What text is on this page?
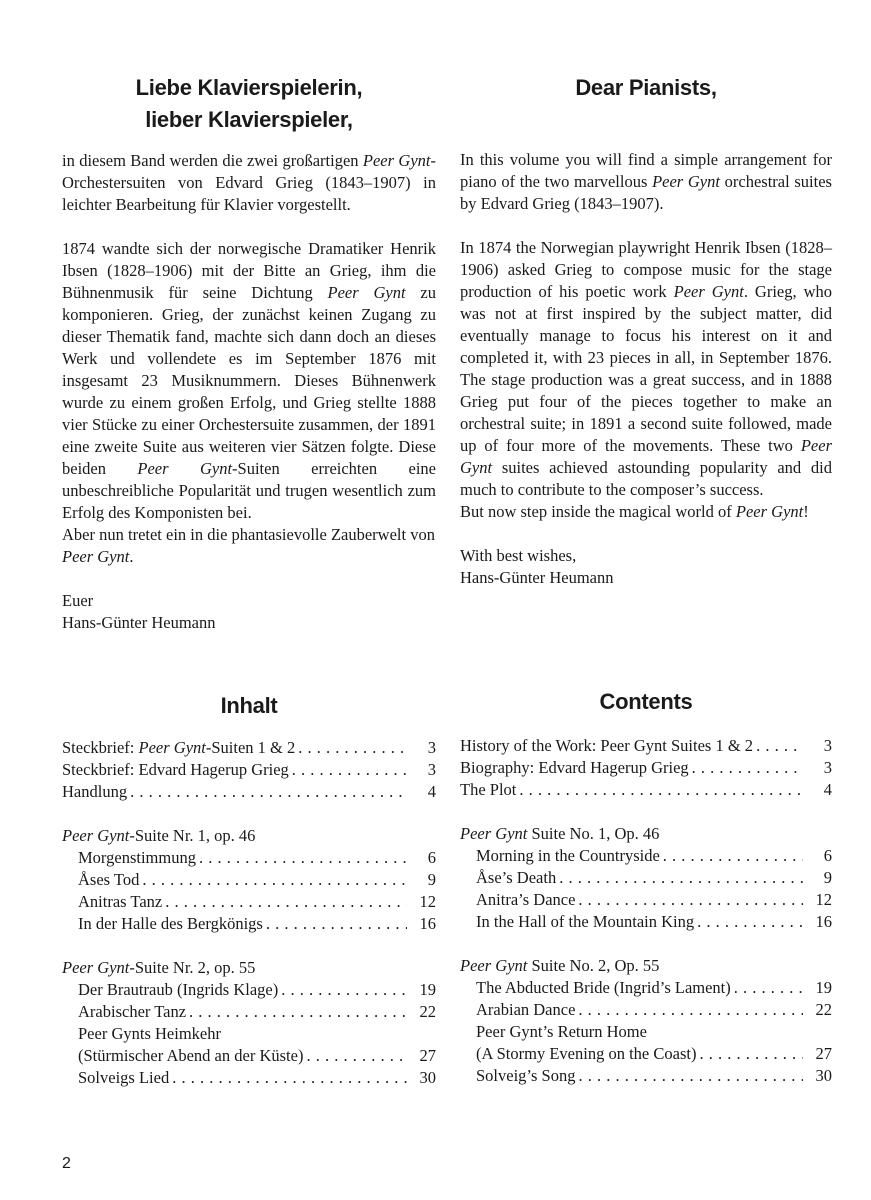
Liebe Klavierspielerin,
lieber Klavierspieler,
Dear Pianists,

in diesem Band werden die zwei großartigen Peer Gynt-Orchestersuiten von Edvard Grieg (1843–1907) in leichter Bearbeitung für Klavier vorgestellt.

1874 wandte sich der norwegische Dramatiker Henrik Ibsen (1828–1906) mit der Bitte an Grieg, ihm die Bühnenmusik für seine Dichtung Peer Gynt zu komponieren. Grieg, der zunächst keinen Zugang zu dieser Thematik fand, machte sich dann doch an dieses Werk und vollendete es im September 1876 mit insgesamt 23 Musiknummern. Dieses Bühnenwerk wurde zu einem großen Erfolg, und Grieg stellte 1888 vier Stücke zu einer Orchestersuite zusammen, der 1891 eine zweite Suite aus weiteren vier Sätzen folgte. Diese beiden Peer Gynt-Suiten erreichten eine unbeschreibliche Popularität und trugen wesentlich zum Erfolg des Komponisten bei.

Aber nun tretet ein in die phantasievolle Zauberwelt von Peer Gynt.

Euer
Hans-Günter Heumann

In this volume you will find a simple arrangement for piano of the two marvellous Peer Gynt orchestral suites by Edvard Grieg (1843–1907).

In 1874 the Norwegian playwright Henrik Ibsen (1828–1906) asked Grieg to compose music for the stage production of his poetic work Peer Gynt. Grieg, who was not at first inspired by the subject matter, did eventually manage to focus his interest on it and completed it, with 23 pieces in all, in September 1876. The stage production was a great success, and in 1888 Grieg put four of the pieces together to make an orchestral suite; in 1891 a second suite followed, made up of four more of the movements. These two Peer Gynt suites achieved astounding popularity and did much to contribute to the composer’s success.

But now step inside the magical world of Peer Gynt!

With best wishes,
Hans-Günter Heumann
Inhalt	Contents
Steckbrief: Peer Gynt-Suiten 1 & 2 . . .	3
Steckbrief: Edvard Hagerup Grieg . . .	3
Handlung . . .	4
Peer Gynt-Suite Nr. 1, op. 46
Morgenstimmung . . .	6
Åses Tod . . .	9
Anitras Tanz . . .	12
In der Halle des Bergkönigs . . .	16
Peer Gynt-Suite Nr. 2, op. 55
Der Brautraub (Ingrids Klage) . . .	19
Arabischer Tanz . . .	22
Peer Gynts Heimkehr
(Stürmischer Abend an der Küste) . . .	27
Solveigs Lied . . .	30
History of the Work: Peer Gynt Suites 1 & 2 . . .	3
Biography: Edvard Hagerup Grieg . . .	3
The Plot . . .	4
Peer Gynt Suite No. 1, Op. 46
Morning in the Countryside . . .	6
Åse’s Death . . .	9
Anitra’s Dance . . .	12
In the Hall of the Mountain King . . .	16
Peer Gynt Suite No. 2, Op. 55
The Abducted Bride (Ingrid’s Lament) . . .	19
Arabian Dance . . .	22
Peer Gynt’s Return Home
(A Stormy Evening on the Coast) . . .	27
Solveig’s Song . . .	30
2
